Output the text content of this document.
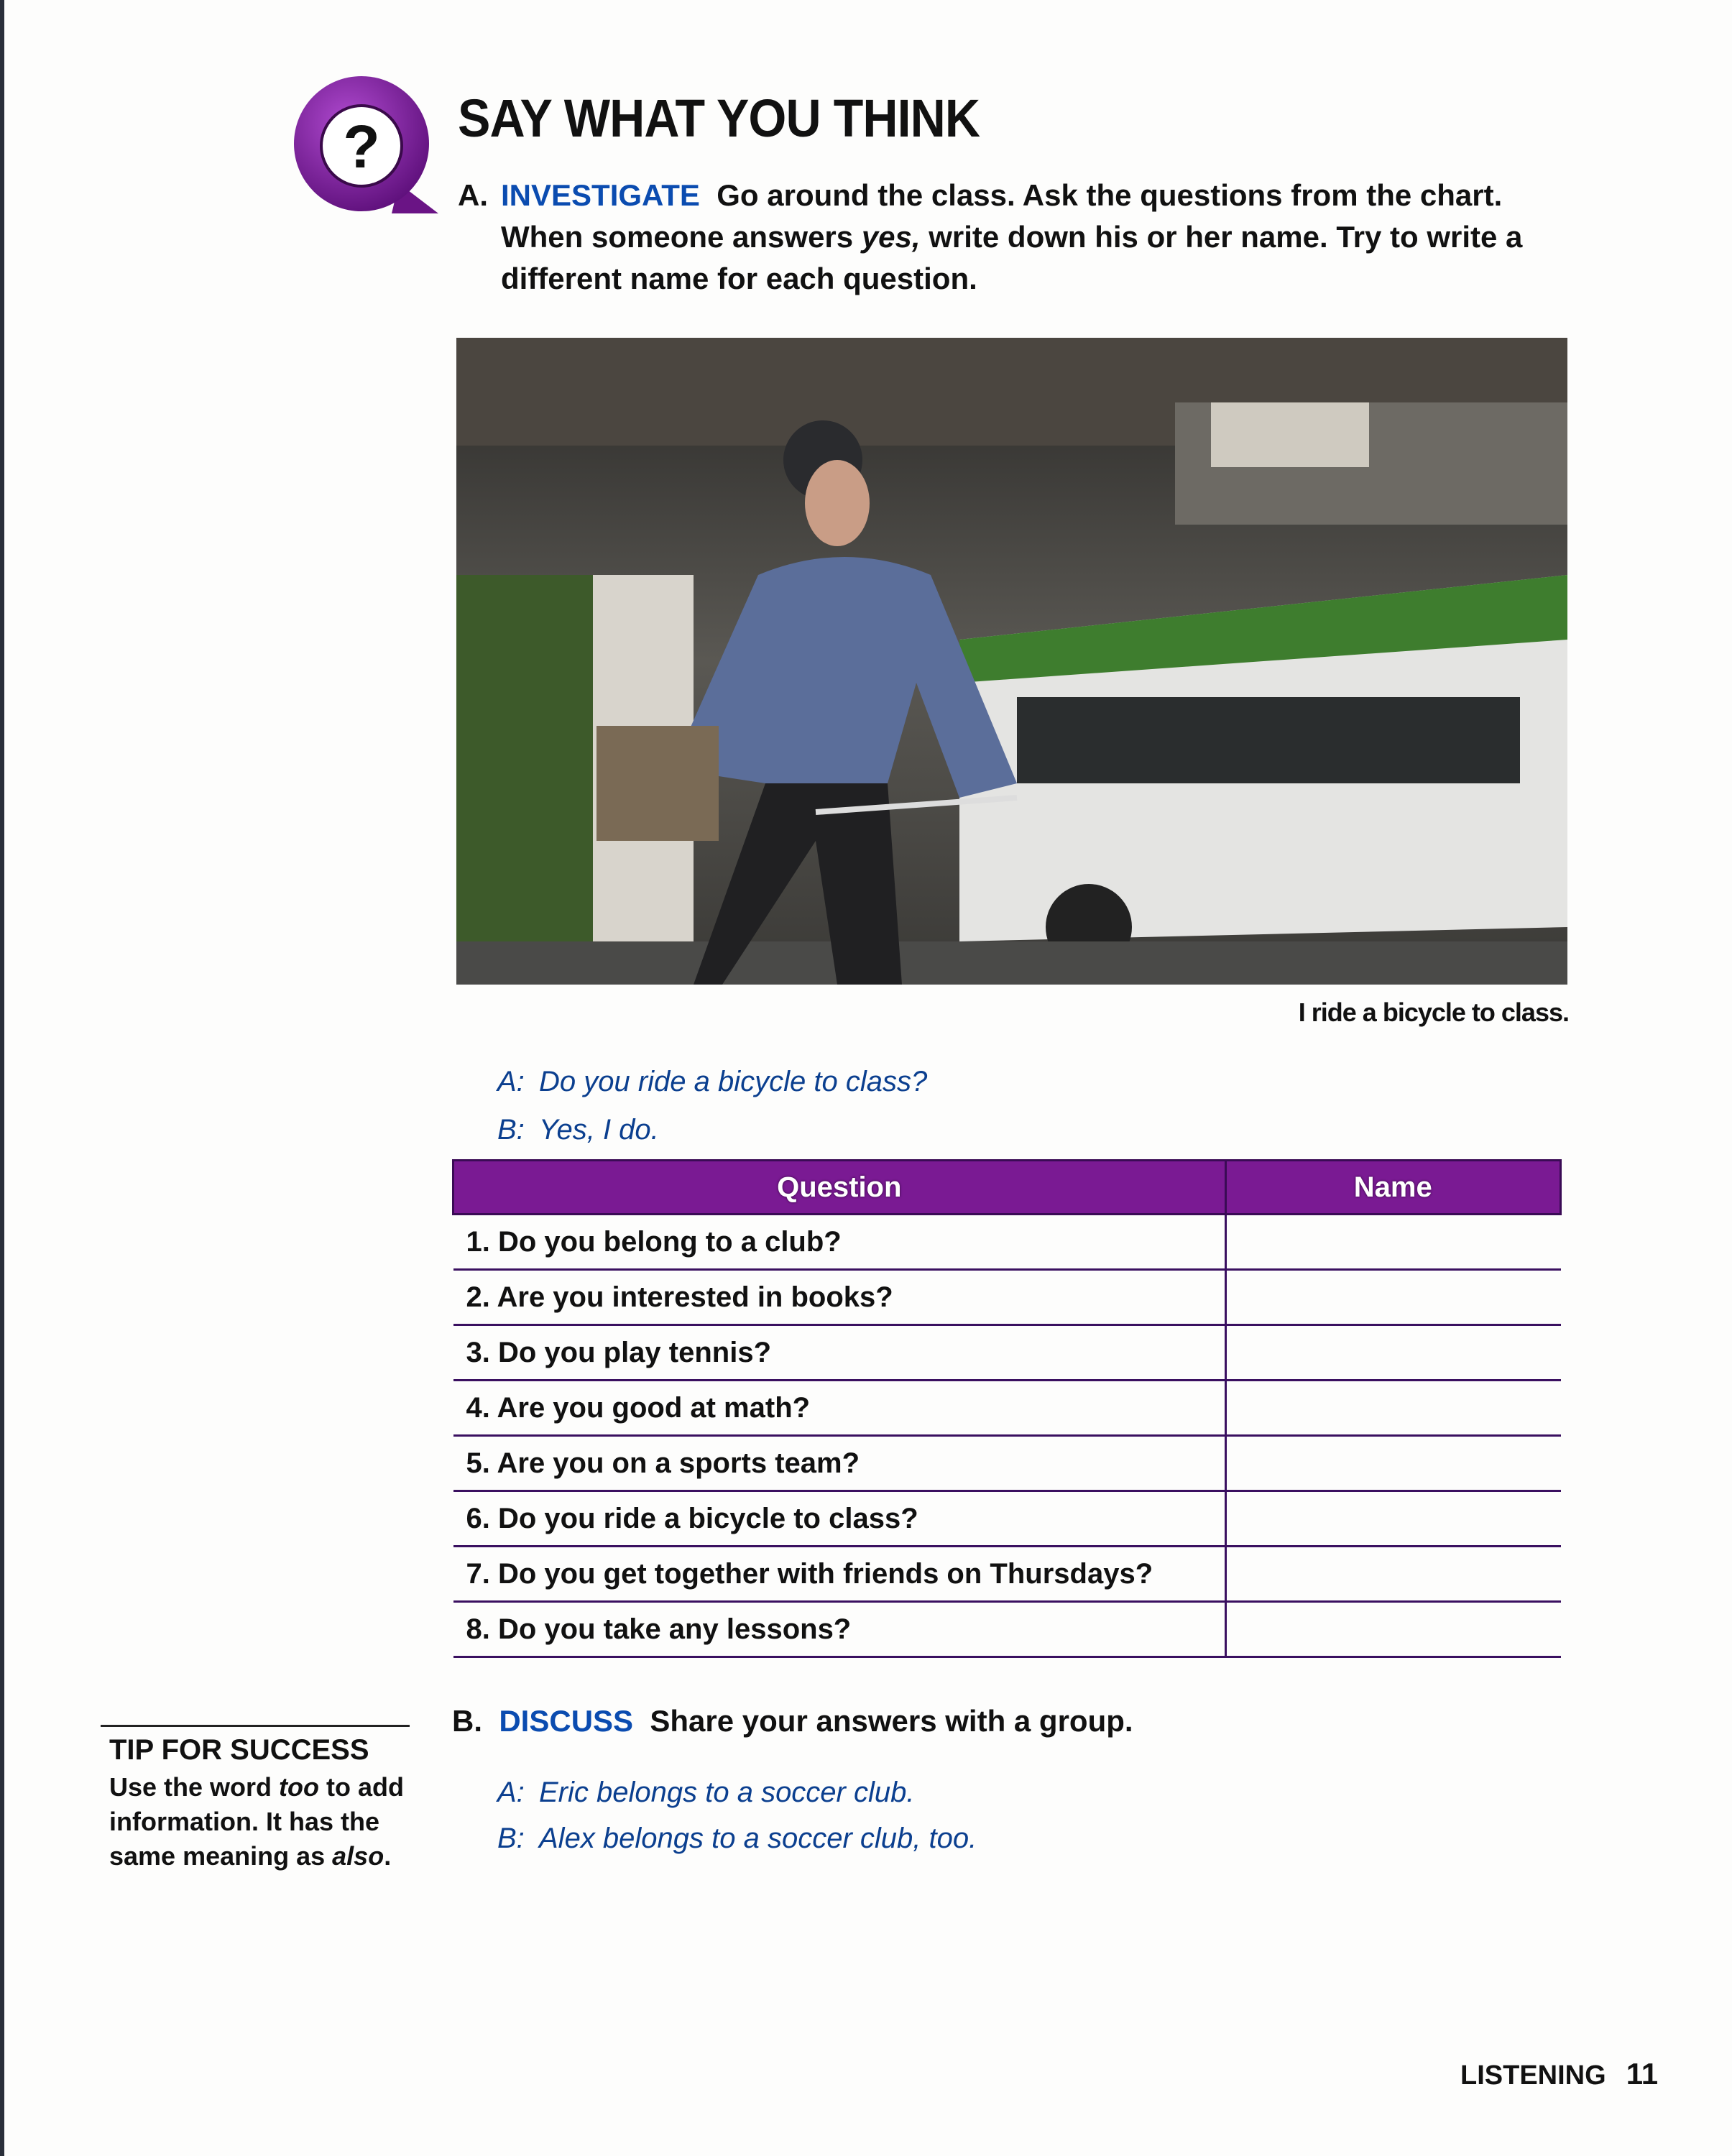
? SAY WHAT YOU THINK
A. INVESTIGATE Go around the class. Ask the questions from the chart. When someone answers yes, write down his or her name. Try to write a different name for each question.
I ride a bicycle to class.
A: Do you ride a bicycle to class?
B: Yes, I do.
Question	Name
1. Do you belong to a club?	
2. Are you interested in books?	
3. Do you play tennis?	
4. Are you good at math?	
5. Are you on a sports team?	
6. Do you ride a bicycle to class?	
7. Do you get together with friends on Thursdays?	
8. Do you take any lessons?	
B. DISCUSS Share your answers with a group.
A: Eric belongs to a soccer club.
B: Alex belongs to a soccer club, too.
TIP FOR SUCCESS
Use the word too to add information. It has the same meaning as also.
LISTENING 11
